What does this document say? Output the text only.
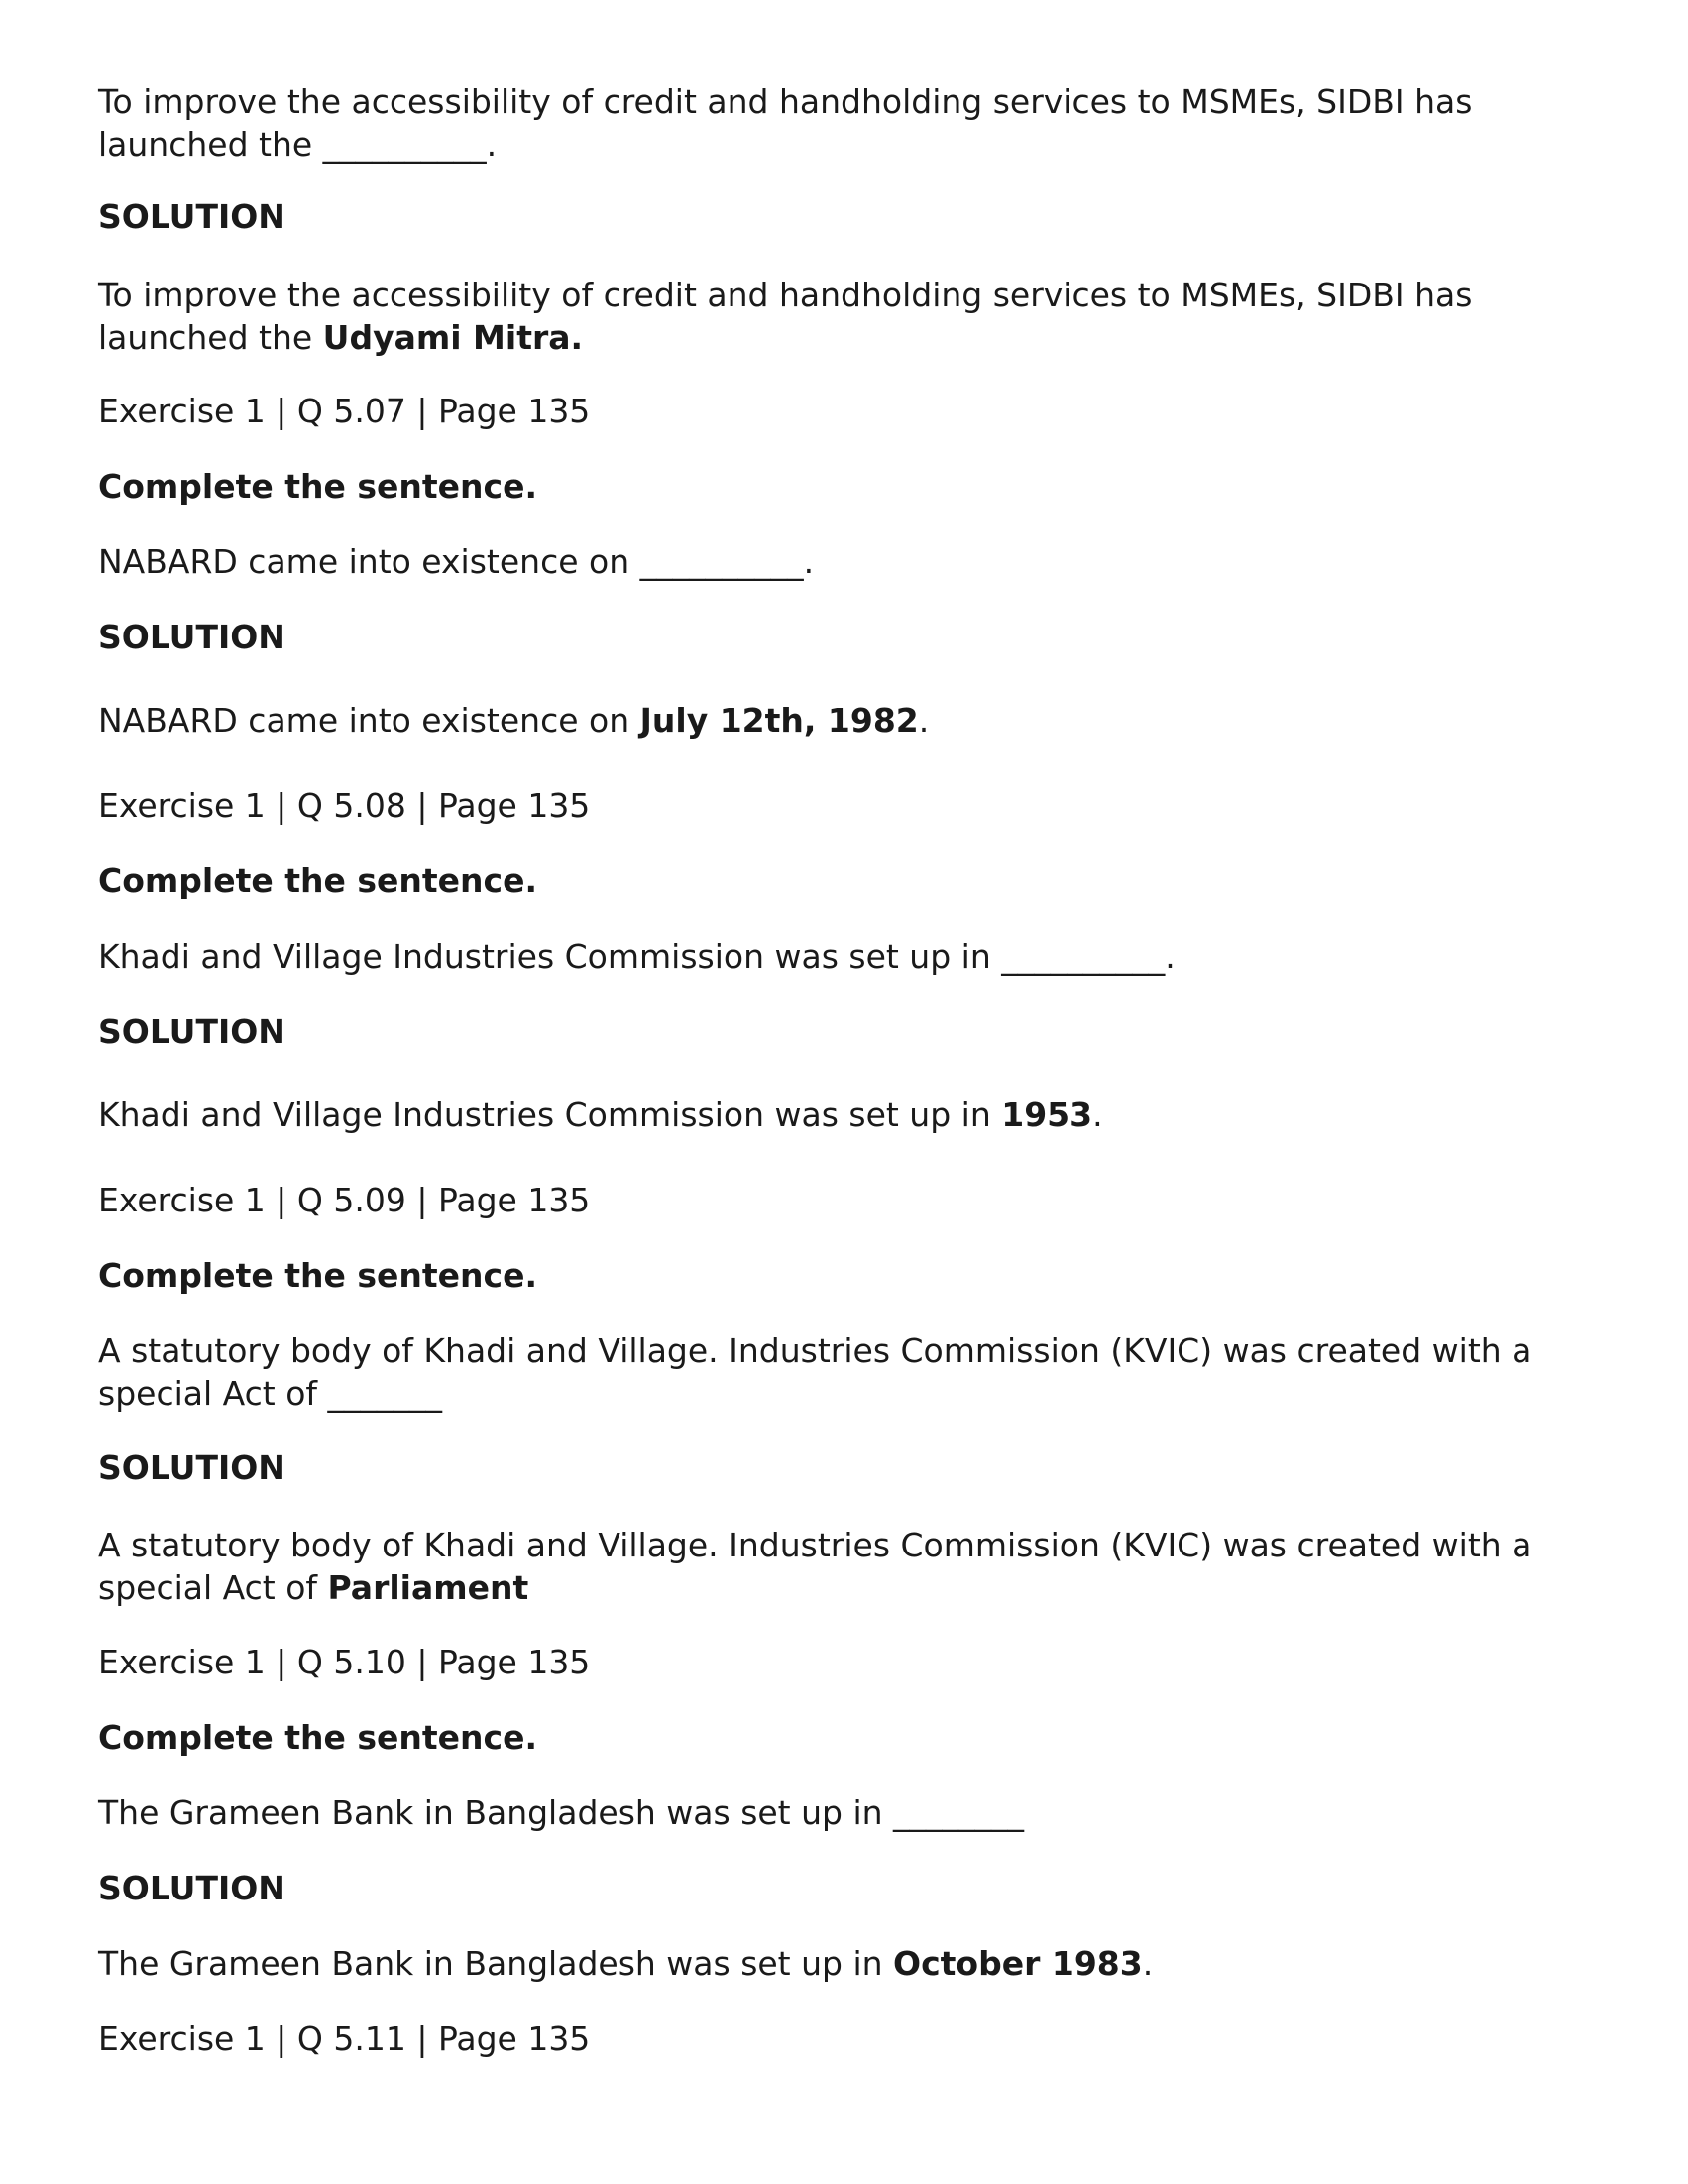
To improve the accessibility of credit and handholding services to MSMEs, SIDBI has launched the __________.

SOLUTION

To improve the accessibility of credit and handholding services to MSMEs, SIDBI has launched the Udyami Mitra.

Exercise 1 | Q 5.07 | Page 135

Complete the sentence.

NABARD came into existence on __________.

SOLUTION

NABARD came into existence on July 12th, 1982.

Exercise 1 | Q 5.08 | Page 135

Complete the sentence.

Khadi and Village Industries Commission was set up in __________.

SOLUTION

Khadi and Village Industries Commission was set up in 1953.

Exercise 1 | Q 5.09 | Page 135

Complete the sentence.

A statutory body of Khadi and Village. Industries Commission (KVIC) was created with a special Act of _______

SOLUTION

A statutory body of Khadi and Village. Industries Commission (KVIC) was created with a special Act of Parliament

Exercise 1 | Q 5.10 | Page 135

Complete the sentence.

The Grameen Bank in Bangladesh was set up in ________

SOLUTION

The Grameen Bank in Bangladesh was set up in October 1983.

Exercise 1 | Q 5.11 | Page 135
